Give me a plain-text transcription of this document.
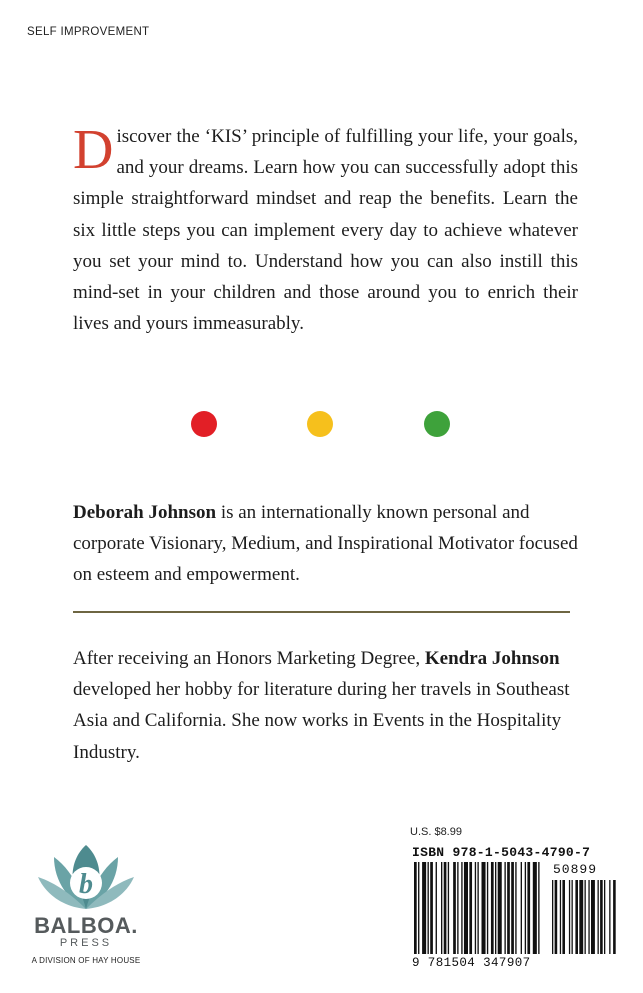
SELF IMPROVEMENT
Discover the ‘KIS’ principle of fulfilling your life, your goals, and your dreams. Learn how you can successfully adopt this simple straightforward mindset and reap the benefits. Learn the six little steps you can implement every day to achieve whatever you set your mind to. Understand how you can also instill this mind-set in your children and those around you to enrich their lives and yours immeasurably.
Deborah Johnson is an internationally known personal and corporate Visionary, Medium, and Inspirational Motivator focused on esteem and empowerment.
After receiving an Honors Marketing Degree, Kendra Johnson developed her hobby for literature during her travels in Southeast Asia and California. She now works in Events in the Hospitality Industry.
b
BALBOA.
PRESS
A DIVISION OF HAY HOUSE
U.S. $8.99
ISBN 978-1-5043-4790-7
50899
9 781504 347907
